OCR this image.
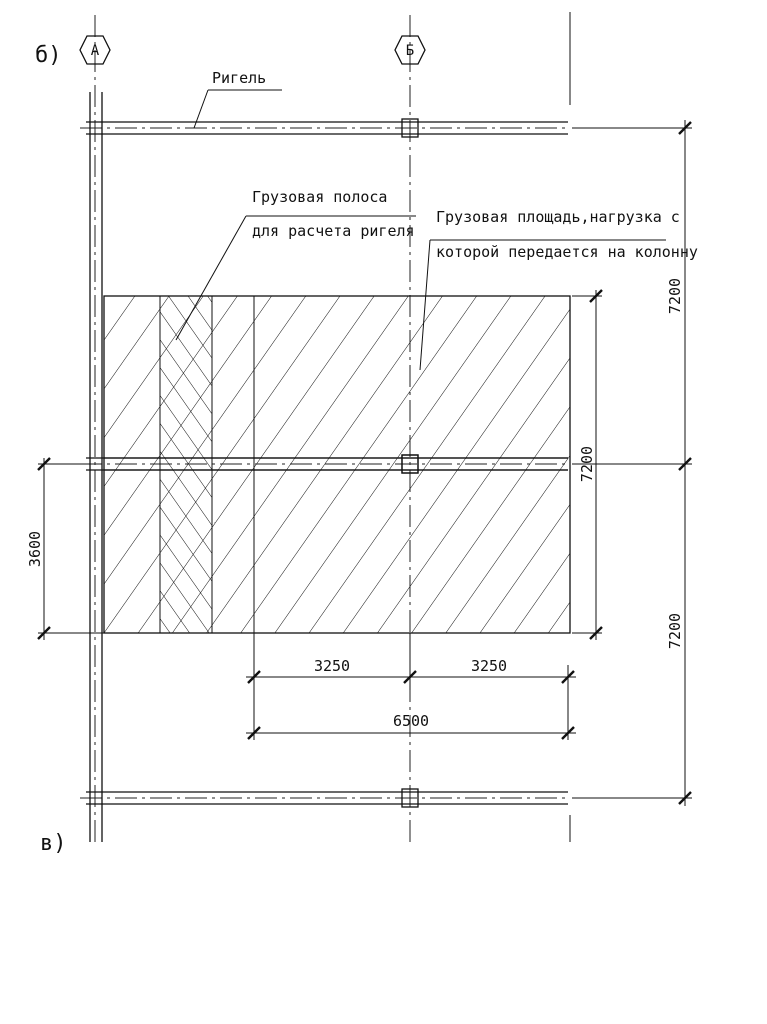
А	Б
б)
в)
Ригель
Грузовая полоса
для расчета ригеля
Грузовая площадь,нагрузка с
которой передается на колонну
7200
7200
7200
3600
3250	3250
6500
